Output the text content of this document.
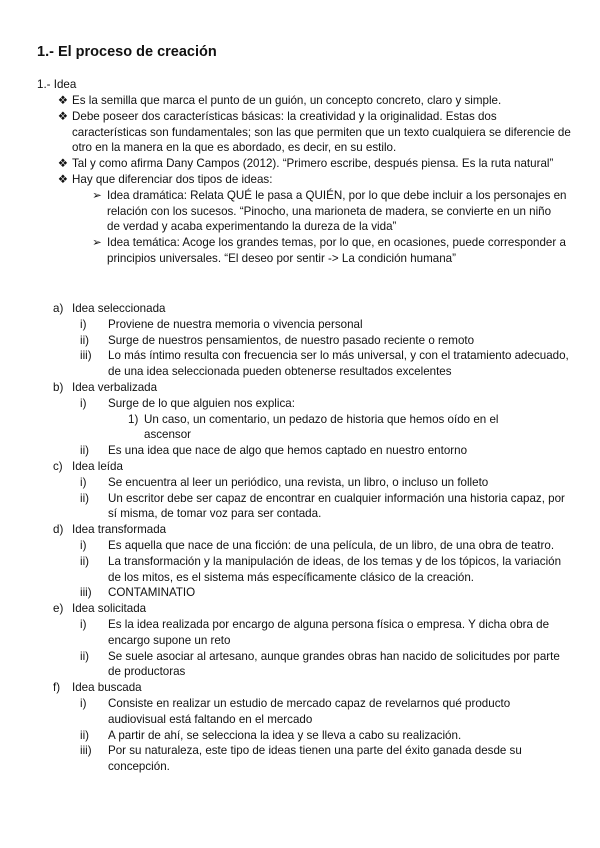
1.- El proceso de creación
1.- Idea
❖ Es la semilla que marca el punto de un guión, un concepto concreto, claro y simple.
❖ Debe poseer dos características básicas: la creatividad y la originalidad. Estas dos características son fundamentales; son las que permiten que un texto cualquiera se diferencie de otro en la manera en la que es abordado, es decir, en su estilo.
❖ Tal y como afirma Dany Campos (2012). “Primero escribe, después piensa. Es la ruta natural”
❖ Hay que diferenciar dos tipos de ideas:
➢ Idea dramática: Relata QUÉ le pasa a QUIÉN, por lo que debe incluir a los personajes en relación con los sucesos. “Pinocho, una marioneta de madera, se convierte en un niño de verdad y acaba experimentando la dureza de la vida”
➢ Idea temática: Acoge los grandes temas, por lo que, en ocasiones, puede corresponder a principios universales. “El deseo por sentir -> La condición humana”
a) Idea seleccionada
i)	Proviene de nuestra memoria o vivencia personal
ii)	Surge de nuestros pensamientos, de nuestro pasado reciente o remoto
iii)	Lo más íntimo resulta con frecuencia ser lo más universal, y con el tratamiento adecuado, de una idea seleccionada pueden obtenerse resultados excelentes
b) Idea verbalizada
i)	Surge de lo que alguien nos explica:
1) Un caso, un comentario, un pedazo de historia que hemos oído en el ascensor
ii)	Es una idea que nace de algo que hemos captado en nuestro entorno
c) Idea leída
i)	Se encuentra al leer un periódico, una revista, un libro, o incluso un folleto
ii)	Un escritor debe ser capaz de encontrar en cualquier información una historia capaz, por sí misma, de tomar voz para ser contada.
d) Idea transformada
i)	Es aquella que nace de una ficción: de una película, de un libro, de una obra de teatro.
ii)	La transformación y la manipulación de ideas, de los temas y de los tópicos, la variación de los mitos, es el sistema más específicamente clásico de la creación.
iii)	CONTAMINATIO
e) Idea solicitada
i)	Es la idea realizada por encargo de alguna persona física o empresa. Y dicha obra de encargo supone un reto
ii)	Se suele asociar al artesano, aunque grandes obras han nacido de solicitudes por parte de productoras
f) Idea buscada
i)	Consiste en realizar un estudio de mercado capaz de revelarnos qué producto audiovisual está faltando en el mercado
ii)	A partir de ahí, se selecciona la idea y se lleva a cabo su realización.
iii)	Por su naturaleza, este tipo de ideas tienen una parte del éxito ganada desde su concepción.
